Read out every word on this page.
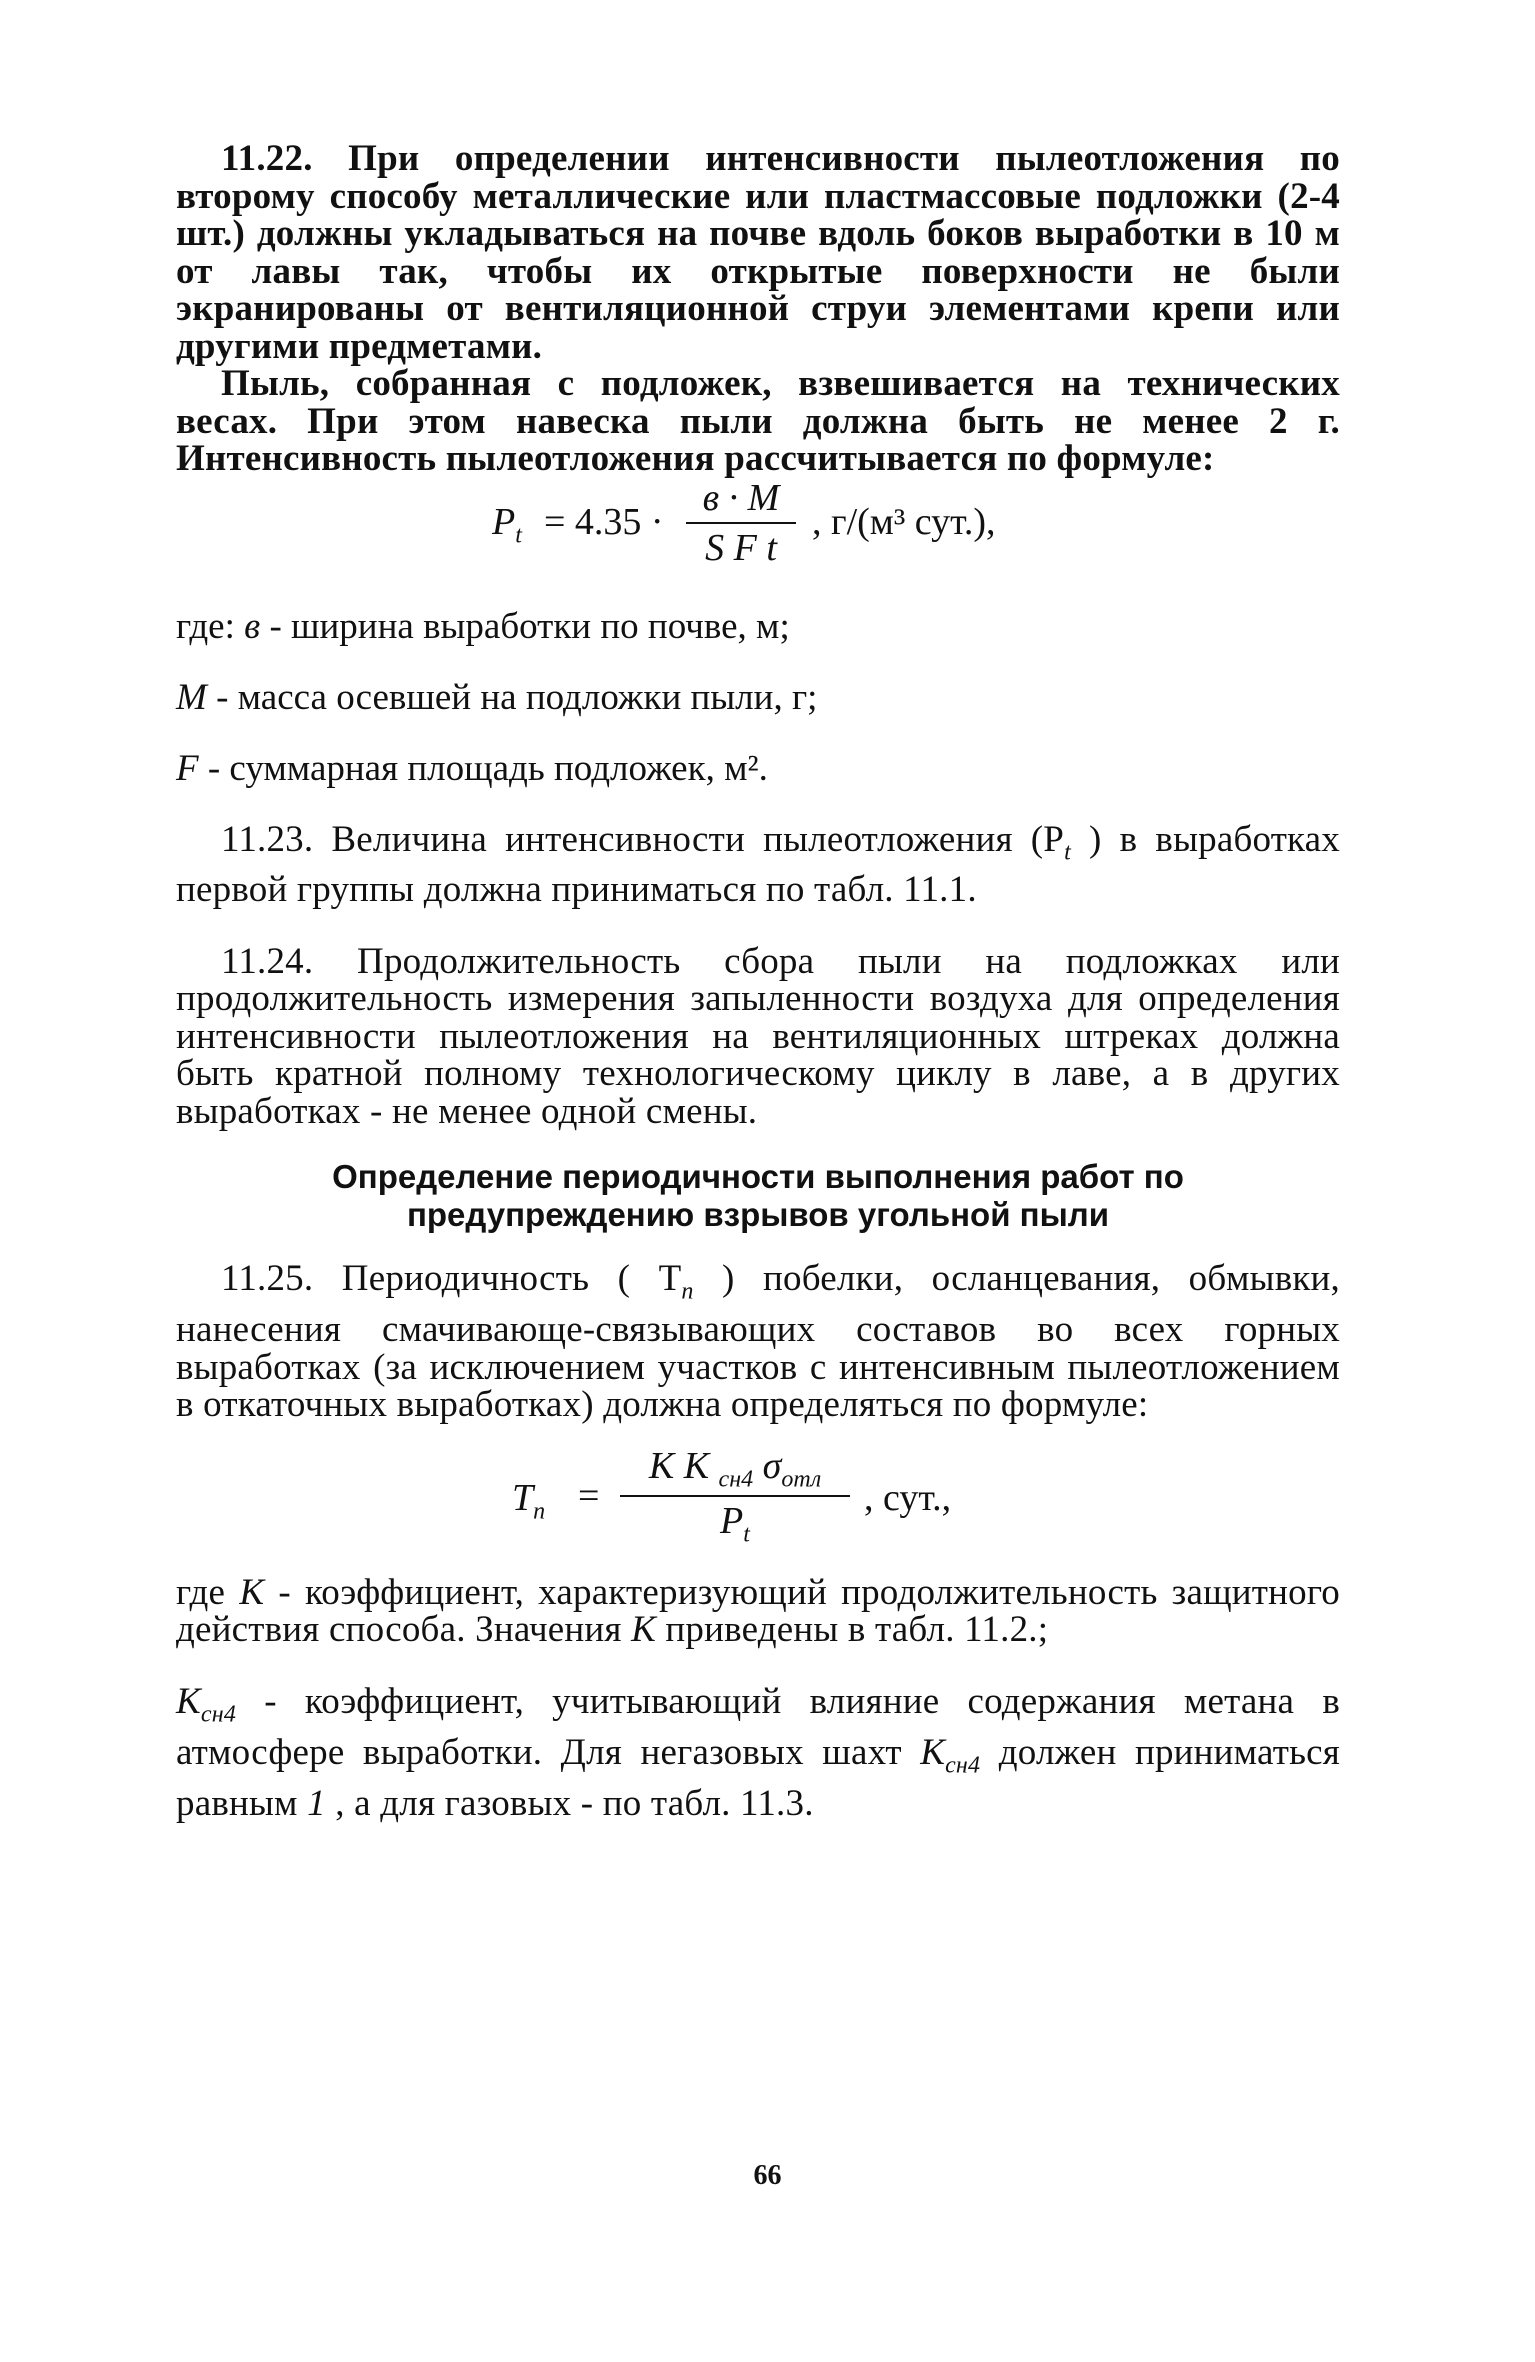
11.22. При определении интенсивности пылеотложения по второму способу металлические или пластмассовые подложки (2-4 шт.) должны укладываться на почве вдоль боков выработки в 10 м от лавы так, чтобы их открытые поверхности не были экранированы от вентиляционной струи элементами крепи или другими предметами.

Пыль, собранная с подложек, взвешивается на технических весах. При этом навеска пыли должна быть не менее 2 г. Интенсивность пылеотложения рассчитывается по формуле:

$P_t = 4.35$ ·
в · M
S F t
, г/(м³ сут.),

где: в - ширина выработки по почве, м;

M - масса осевшей на подложки пыли, г;

F - суммарная площадь подложек, м².

11.23. Величина интенсивности пылеотложения ($P_t$ ) в выработках первой группы должна приниматься по табл. 11.1.

11.24. Продолжительность сбора пыли на подложках или продолжительность измерения запыленности воздуха для определения интенсивности пылеотложения на вентиляционных штреках должна быть кратной полному технологическому циклу в лаве, а в других выработках - не менее одной смены.

Определение периодичности выполнения работ по

предупреждению взрывов угольной пыли

11.25. Периодичность ( $T_n$ ) побелки, осланцевания, обмывки, нанесения смачивающе-связывающих составов во всех горных выработках (за исключением участков с интенсивным пылеотложением в откаточных выработках) должна определяться по формуле:

$T_n$ =
K K $_{сн4}$ $\sigma_{отл}$
$P_t$
, сут.,

где K - коэффициент, характеризующий продолжительность защитного действия способа. Значения K приведены в табл. 11.2.;

$K_{сн4}$ - коэффициент, учитывающий влияние содержания метана в атмосфере выработки. Для негазовых шахт $K_{сн4}$ должен приниматься равным 1 , а для газовых - по табл. 11.3.

66
